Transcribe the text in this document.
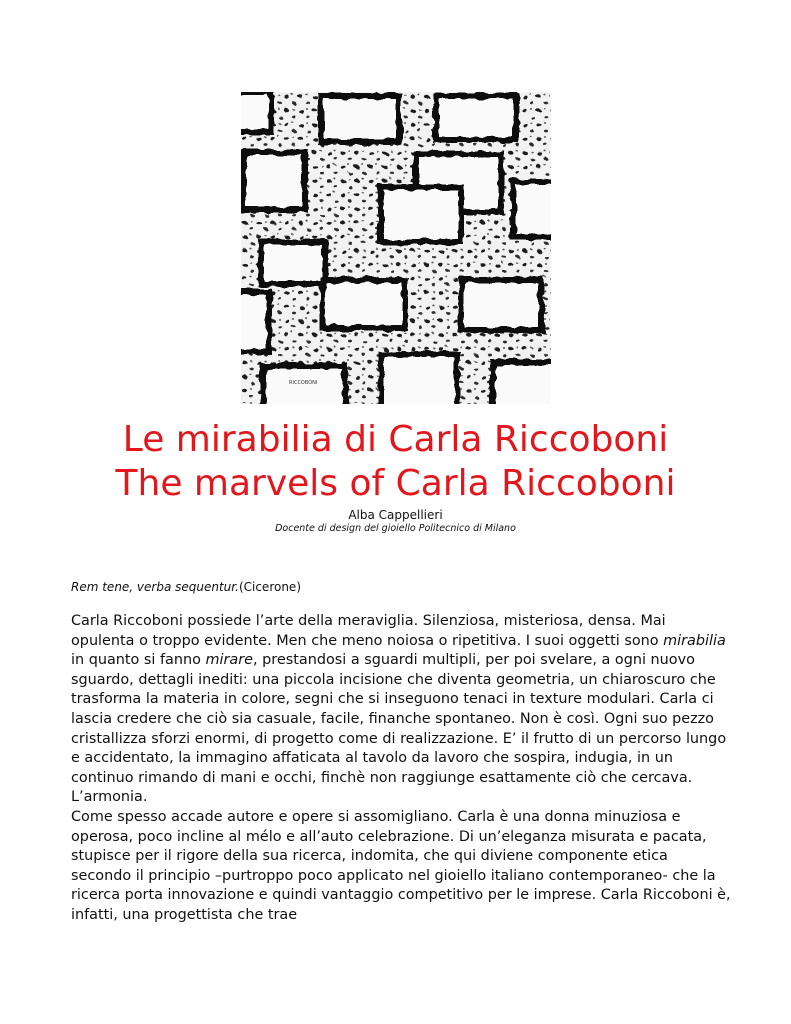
RICCOBONI
Le mirabilia di Carla Riccoboni
The marvels of Carla Riccoboni
Alba Cappellieri
Docente di design del gioiello Politecnico di Milano
Rem tene, verba sequentur.(Cicerone)

Carla Riccoboni possiede l’arte della meraviglia. Silenziosa, misteriosa, densa. Mai opulenta o troppo evidente. Men che meno noiosa o ripetitiva. I suoi oggetti sono mirabilia in quanto si fanno mirare, prestandosi a sguardi multipli, per poi svelare, a ogni nuovo sguardo, dettagli inediti: una piccola incisione che diventa geometria, un chiaroscuro che trasforma la materia in colore, segni che si inseguono tenaci in texture modulari. Carla ci lascia credere che ciò sia casuale, facile, finanche spontaneo. Non è così. Ogni suo pezzo cristallizza sforzi enormi, di progetto come di realizzazione. E’ il frutto di un percorso lungo e accidentato, la immagino affaticata al tavolo da lavoro che sospira, indugia, in un continuo rimando di mani e occhi, finchè non raggiunge esattamente ciò che cercava. L’armonia.

Come spesso accade autore e opere si assomigliano. Carla è una donna minuziosa e operosa, poco incline al mélo e all’auto celebrazione. Di un’eleganza misurata e pacata, stupisce per il rigore della sua ricerca, indomita, che qui diviene componente etica secondo il principio –purtroppo poco applicato nel gioiello italiano contemporaneo- che la ricerca porta innovazione e quindi vantaggio competitivo per le imprese. Carla Riccoboni è, infatti, una progettista che trae
